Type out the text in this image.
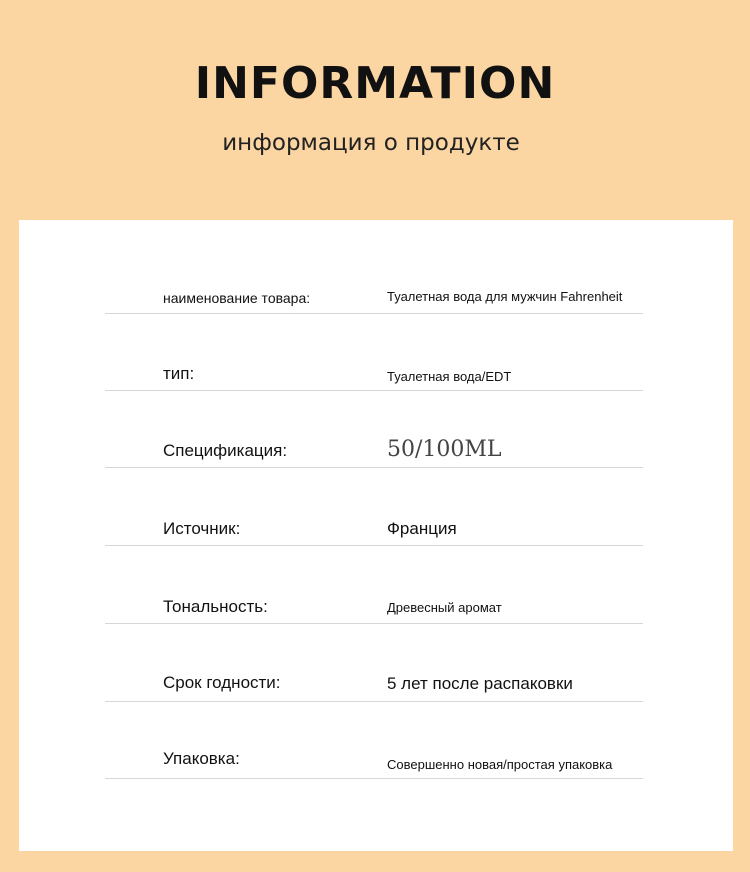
INFORMATION
информация о продукте
наименование товара:	Туалетная вода для мужчин Fahrenheit
тип:	Туалетная вода/EDT
Спецификация:	50/100ML
Источник:	Франция
Тональность:	Древесный аромат
Срок годности:	5 лет после распаковки
Упаковка:	Совершенно новая/простая упаковка
